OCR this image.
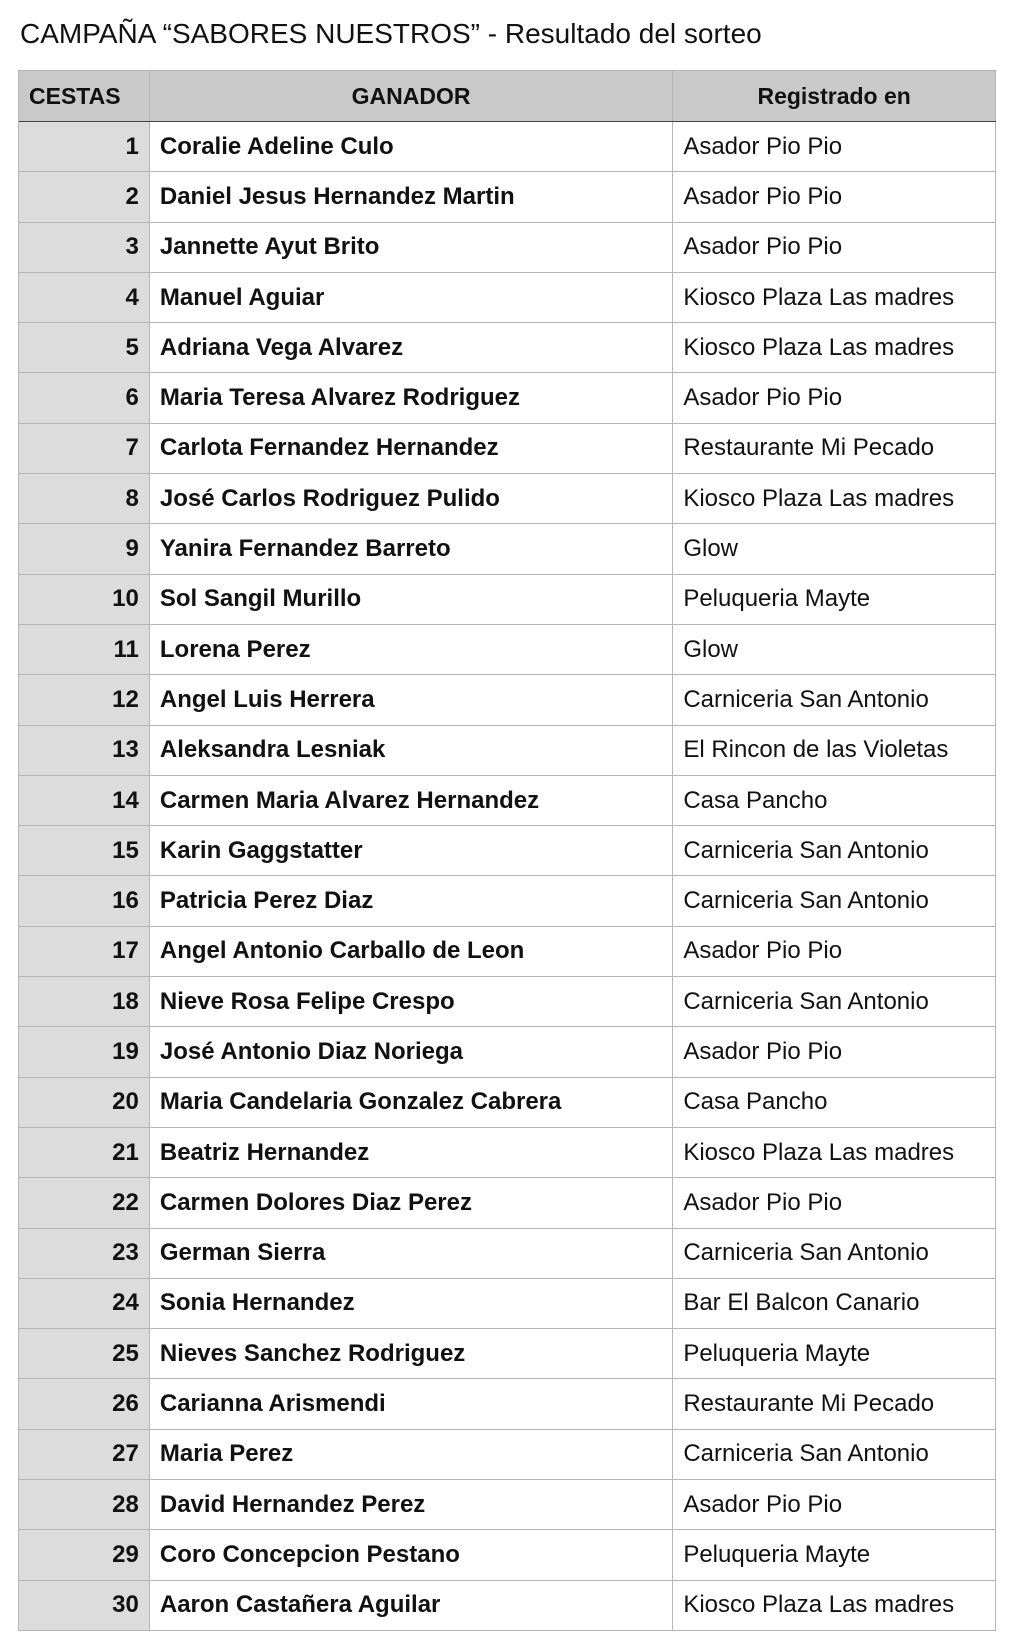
CAMPAÑA “SABORES NUESTROS” - Resultado del sorteo
CESTAS	GANADOR	Registrado en
1 Coralie Adeline Culo	Asador Pio Pio
2 Daniel Jesus Hernandez Martin	Asador Pio Pio
3 Jannette Ayut Brito	Asador Pio Pio
4 Manuel Aguiar	Kiosco Plaza Las madres
5 Adriana Vega Alvarez	Kiosco Plaza Las madres
6 Maria Teresa Alvarez Rodriguez	Asador Pio Pio
7 Carlota Fernandez Hernandez	Restaurante Mi Pecado
8 José Carlos Rodriguez Pulido	Kiosco Plaza Las madres
9 Yanira Fernandez Barreto	Glow
10 Sol Sangil Murillo	Peluqueria Mayte
11 Lorena Perez	Glow
12 Angel Luis Herrera	Carniceria San Antonio
13 Aleksandra Lesniak	El Rincon de las Violetas
14 Carmen Maria Alvarez Hernandez	Casa Pancho
15 Karin Gaggstatter	Carniceria San Antonio
16 Patricia Perez Diaz	Carniceria San Antonio
17 Angel Antonio Carballo de Leon	Asador Pio Pio
18 Nieve Rosa Felipe Crespo	Carniceria San Antonio
19 José Antonio Diaz Noriega	Asador Pio Pio
20 Maria Candelaria Gonzalez Cabrera	Casa Pancho
21 Beatriz Hernandez	Kiosco Plaza Las madres
22 Carmen Dolores Diaz Perez	Asador Pio Pio
23 German Sierra	Carniceria San Antonio
24 Sonia Hernandez	Bar El Balcon Canario
25 Nieves Sanchez Rodriguez	Peluqueria Mayte
26 Carianna Arismendi	Restaurante Mi Pecado
27 Maria Perez	Carniceria San Antonio
28 David Hernandez Perez	Asador Pio Pio
29 Coro Concepcion Pestano	Peluqueria Mayte
30 Aaron Castañera Aguilar	Kiosco Plaza Las madres
